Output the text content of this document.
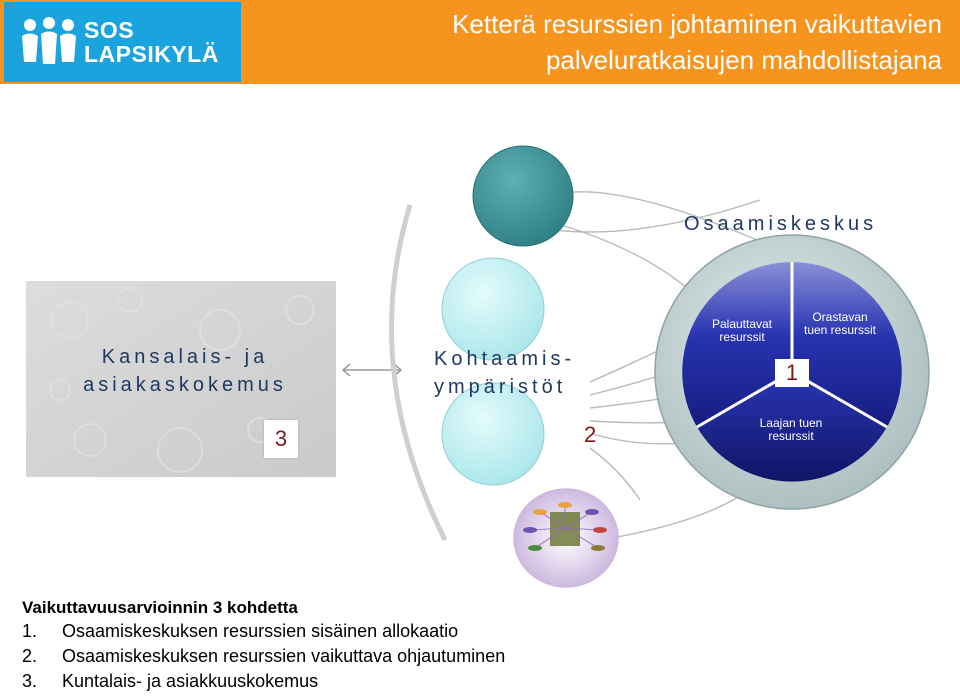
SOS
LAPSIKYLÄ
Ketterä resurssien johtaminen vaikuttavien
palveluratkaisujen mahdollistajana
Osaamiskeskus
Kansalais- ja
asiakaskokemus
Kohtaamis-
ympäristöt
3	2
1
Palauttavat resurssit
Orastavan tuen resurssit
Laajan tuen resurssit
Vaikuttavuusarvioinnin 3 kohdetta
1. Osaamiskeskuksen resurssien sisäinen allokaatio
2. Osaamiskeskuksen resurssien vaikuttava ohjautuminen
3. Kuntalais- ja asiakkuuskokemus
